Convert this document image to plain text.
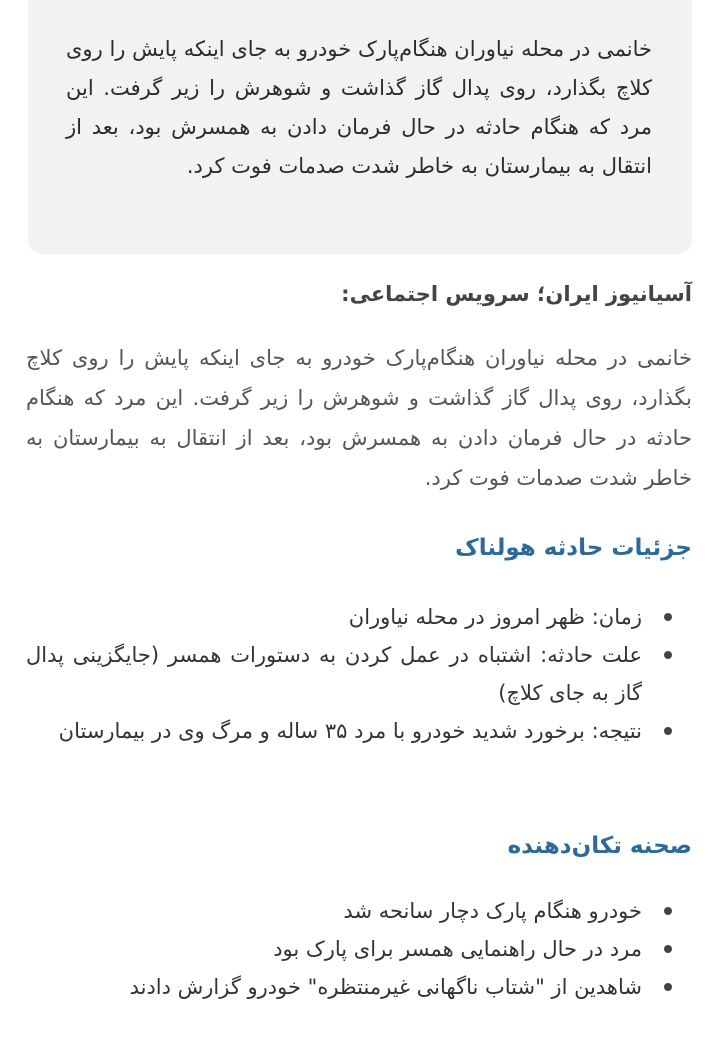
خانمی در محله نیاوران هنگام‌پارک خودرو به جای اینکه پایش را روی کلاچ بگذارد، روی پدال گاز گذاشت و شوهرش را زیر گرفت. این مرد که هنگام حادثه در حال فرمان دادن به همسرش بود، بعد از انتقال به بیمارستان به خاطر شدت صدمات فوت کرد.

آسیانیوز ایران؛ سرویس اجتماعی:

خانمی در محله نیاوران هنگام‌پارک خودرو به جای اینکه پایش را روی کلاچ بگذارد، روی پدال گاز گذاشت و شوهرش را زیر گرفت. این مرد که هنگام حادثه در حال فرمان دادن به همسرش بود، بعد از انتقال به بیمارستان به خاطر شدت صدمات فوت کرد.

جزئیات حادثه هولناک
زمان: ظهر امروز در محله نیاوران
علت حادثه: اشتباه در عمل کردن به دستورات همسر (جایگزینی پدال گاز به جای کلاچ)
نتیجه: برخورد شدید خودرو با مرد ۳۵ ساله و مرگ وی در بیمارستان
صحنه تکان‌دهنده
خودرو هنگام پارک دچار سانحه شد
مرد در حال راهنمایی همسر برای پارک بود
شاهدین از "شتاب ناگهانی غیرمنتظره" خودرو گزارش دادند
